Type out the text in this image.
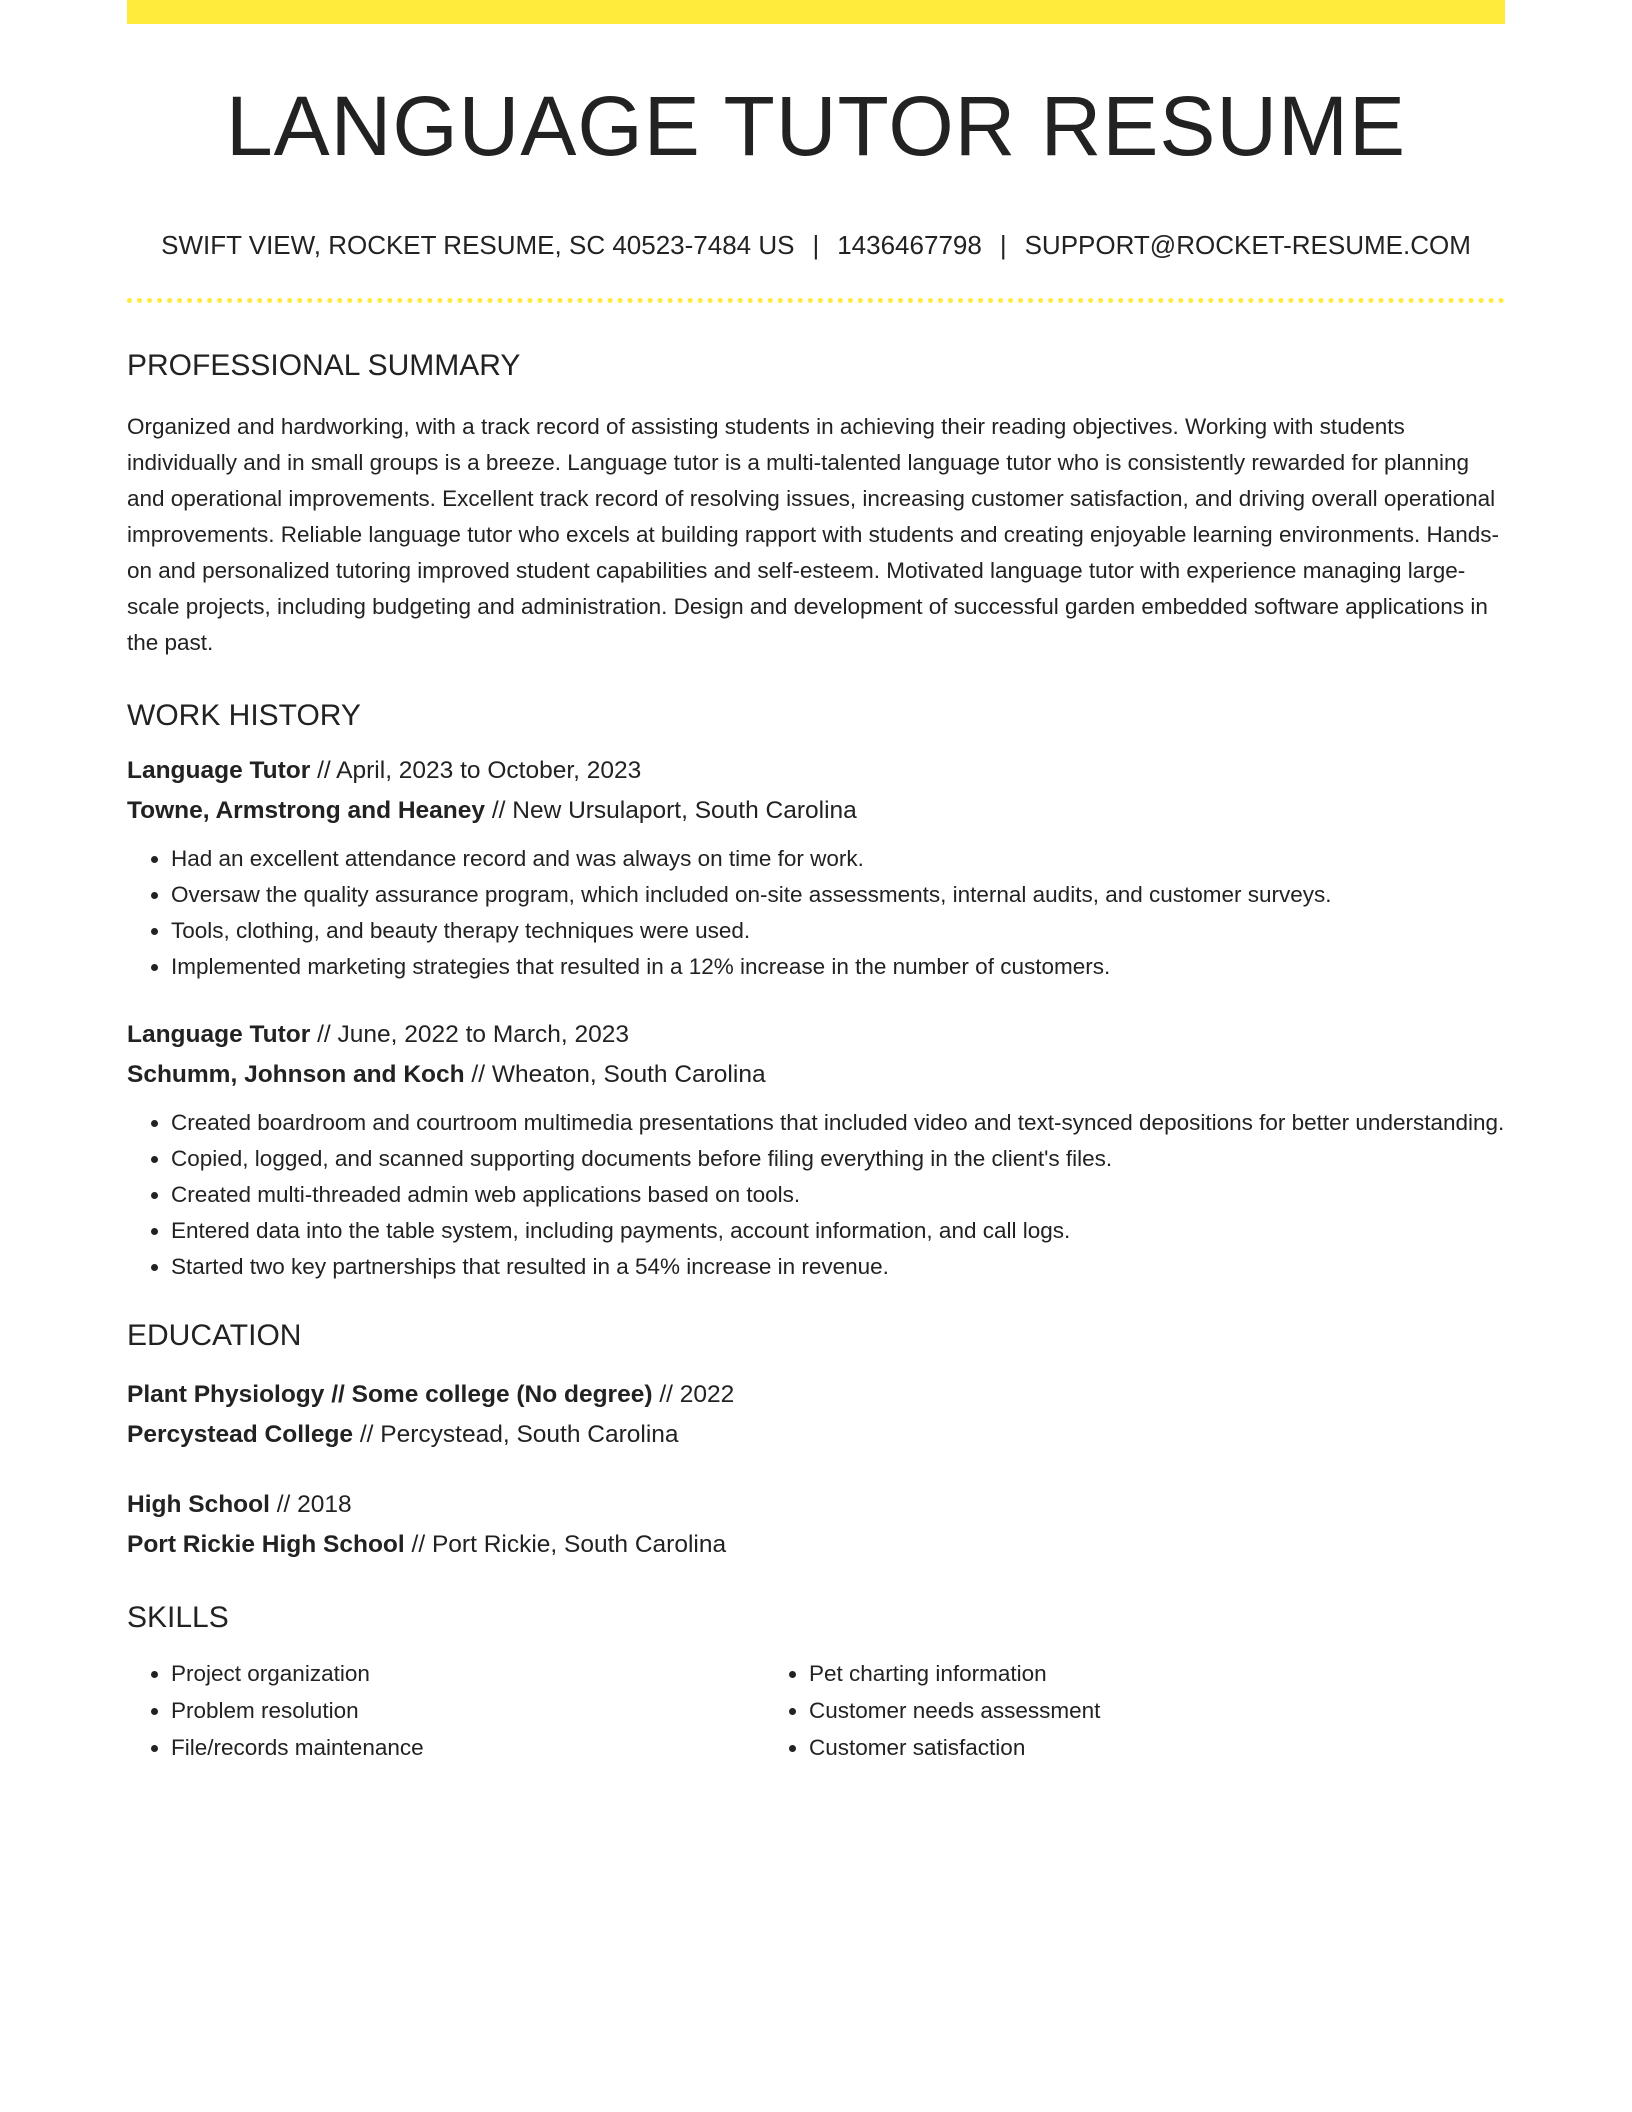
LANGUAGE TUTOR RESUME
SWIFT VIEW, ROCKET RESUME, SC 40523-7484 US | 1436467798 | SUPPORT@ROCKET-RESUME.COM
PROFESSIONAL SUMMARY

Organized and hardworking, with a track record of assisting students in achieving their reading objectives. Working with students individually and in small groups is a breeze. Language tutor is a multi-talented language tutor who is consistently rewarded for planning and operational improvements. Excellent track record of resolving issues, increasing customer satisfaction, and driving overall operational improvements. Reliable language tutor who excels at building rapport with students and creating enjoyable learning environments. Hands-on and personalized tutoring improved student capabilities and self-esteem. Motivated language tutor with experience managing large-scale projects, including budgeting and administration. Design and development of successful garden embedded software applications in the past.

WORK HISTORY
Language Tutor // April, 2023 to October, 2023
Towne, Armstrong and Heaney // New Ursulaport, South Carolina
• Had an excellent attendance record and was always on time for work.
• Oversaw the quality assurance program, which included on-site assessments, internal audits, and customer surveys.
• Tools, clothing, and beauty therapy techniques were used.
• Implemented marketing strategies that resulted in a 12% increase in the number of customers.
Language Tutor // June, 2022 to March, 2023
Schumm, Johnson and Koch // Wheaton, South Carolina
• Created boardroom and courtroom multimedia presentations that included video and text-synced depositions for better understanding.
• Copied, logged, and scanned supporting documents before filing everything in the client's files.
• Created multi-threaded admin web applications based on tools.
• Entered data into the table system, including payments, account information, and call logs.
• Started two key partnerships that resulted in a 54% increase in revenue.
EDUCATION
Plant Physiology // Some college (No degree) // 2022
Percystead College // Percystead, South Carolina
High School // 2018
Port Rickie High School // Port Rickie, South Carolina
SKILLS
• Project organization
• Problem resolution
• File/records maintenance
• Pet charting information
• Customer needs assessment
• Customer satisfaction
